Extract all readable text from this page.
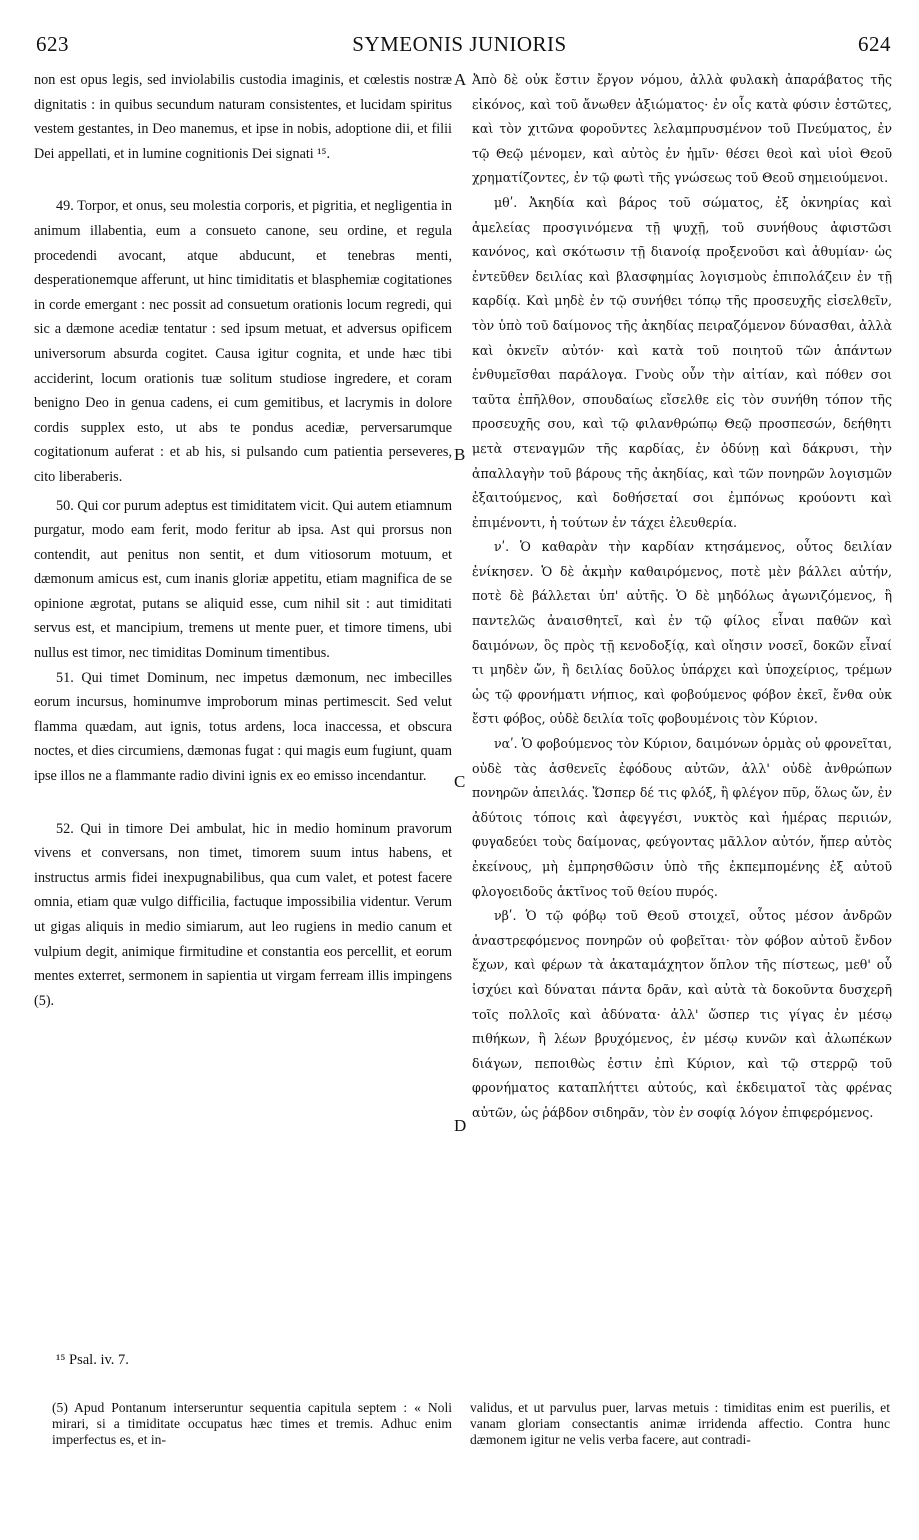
623	SYMEONIS JUNIORIS	624

non est opus legis, sed inviolabilis custodia imaginis, et cœlestis nostræ dignitatis : in quibus secundum naturam consistentes, et lucidam spiritus vestem gestantes, in Deo manemus, et ipse in nobis, adoptione dii, et filii Dei appellati, et in lumine cognitionis Dei signati ¹⁵.

49. Torpor, et onus, seu molestia corporis, et pigritia, et negligentia in animum illabentia, eum a consueto canone, seu ordine, et regula procedendi avocant, atque abducunt, et tenebras menti, desperationemque afferunt, ut hinc timiditatis et blasphemiæ cogitationes in corde emergant : nec possit ad consuetum orationis locum regredi, qui sic a dæmone acediæ tentatur : sed ipsum metuat, et adversus opificem universorum absurda cogitet. Causa igitur cognita, et unde hæc tibi acciderint, locum orationis tuæ solitum studiose ingredere, et coram benigno Deo in genua cadens, ei cum gemitibus, et lacrymis in dolore cordis supplex esto, ut abs te pondus acediæ, perversarumque cogitationum auferat : et ab his, si pulsando cum patientia perseveres, cito liberaberis.

50. Qui cor purum adeptus est timiditatem vicit. Qui autem etiamnum purgatur, modo eam ferit, modo feritur ab ipsa. Ast qui prorsus non contendit, aut penitus non sentit, et dum vitiosorum motuum, et dæmonum amicus est, cum inanis gloriæ appetitu, etiam magnifica de se opinione ægrotat, putans se aliquid esse, cum nihil sit : aut timiditati servus est, et mancipium, tremens ut mente puer, et timore timens, ubi nullus est timor, nec timiditas Dominum timentibus.

51. Qui timet Dominum, nec impetus dæmonum, nec imbecilles eorum incursus, hominumve improborum minas pertimescit. Sed velut flamma quædam, aut ignis, totus ardens, loca inaccessa, et obscura noctes, et dies circumiens, dæmonas fugat : qui magis eum fugiunt, quam ipse illos ne a flammante radio divini ignis ex eo emisso incendantur.

52. Qui in timore Dei ambulat, hic in medio hominum pravorum vivens et conversans, non timet, timorem suum intus habens, et instructus armis fidei inexpugnabilibus, qua cum valet, et potest facere omnia, etiam quæ vulgo difficilia, factuque impossibilia videntur. Verum ut gigas aliquis in medio simiarum, aut leo rugiens in medio canum et vulpium degit, animique firmitudine et constantia eos percellit, et eorum mentes exterret, sermonem in sapientia ut virgam ferream illis impingens (5).

A
B
C
D

Ἀπὸ δὲ οὐκ ἔστιν ἔργον νόμου, ἀλλὰ φυλακὴ ἀπαράβατος τῆς εἰκόνος, καὶ τοῦ ἄνωθεν ἀξιώματος· ἐν οἷς κατὰ φύσιν ἑστῶτες, καὶ τὸν χιτῶνα φοροῦντες λελαμπρυσμένον τοῦ Πνεύματος, ἐν τῷ Θεῷ μένομεν, καὶ αὐτὸς ἐν ἡμῖν· θέσει θεοὶ καὶ υἱοὶ Θεοῦ χρηματίζοντες, ἐν τῷ φωτὶ τῆς γνώσεως τοῦ Θεοῦ σημειούμενοι.

μθʹ. Ἀκηδία καὶ βάρος τοῦ σώματος, ἐξ ὀκνηρίας καὶ ἀμελείας προσγινόμενα τῇ ψυχῇ, τοῦ συνήθους ἀφιστῶσι κανόνος, καὶ σκότωσιν τῇ διανοίᾳ προξενοῦσι καὶ ἀθυμίαν· ὡς ἐντεῦθεν δειλίας καὶ βλασφημίας λογισμοὺς ἐπιπολάζειν ἐν τῇ καρδίᾳ. Καὶ μηδὲ ἐν τῷ συνήθει τόπῳ τῆς προσευχῆς εἰσελθεῖν, τὸν ὑπὸ τοῦ δαίμονος τῆς ἀκηδίας πειραζόμενον δύνασθαι, ἀλλὰ καὶ ὀκνεῖν αὐτόν· καὶ κατὰ τοῦ ποιητοῦ τῶν ἁπάντων ἐνθυμεῖσθαι παράλογα. Γνοὺς οὖν τὴν αἰτίαν, καὶ πόθεν σοι ταῦτα ἐπῆλθον, σπουδαίως εἴσελθε εἰς τὸν συνήθη τόπον τῆς προσευχῆς σου, καὶ τῷ φιλανθρώπῳ Θεῷ προσπεσών, δεήθητι μετὰ στεναγμῶν τῆς καρδίας, ἐν ὀδύνῃ καὶ δάκρυσι, τὴν ἀπαλλαγὴν τοῦ βάρους τῆς ἀκηδίας, καὶ τῶν πονηρῶν λογισμῶν ἐξαιτούμενος, καὶ δοθήσεταί σοι ἐμπόνως κρούοντι καὶ ἐπιμένοντι, ἡ τούτων ἐν τάχει ἐλευθερία.

νʹ. Ὁ καθαρὰν τὴν καρδίαν κτησάμενος, οὗτος δειλίαν ἐνίκησεν. Ὁ δὲ ἀκμὴν καθαιρόμενος, ποτὲ μὲν βάλλει αὐτήν, ποτὲ δὲ βάλλεται ὑπ' αὐτῆς. Ὁ δὲ μηδόλως ἀγωνιζόμενος, ἢ παντελῶς ἀναισθητεῖ, καὶ ἐν τῷ φίλος εἶναι παθῶν καὶ δαιμόνων, ὃς πρὸς τῇ κενοδοξίᾳ, καὶ οἴησιν νοσεῖ, δοκῶν εἶναί τι μηδὲν ὤν, ἢ δειλίας δοῦλος ὑπάρχει καὶ ὑποχείριος, τρέμων ὡς τῷ φρονήματι νήπιος, καὶ φοβούμενος φόβον ἐκεῖ, ἔνθα οὐκ ἔστι φόβος, οὐδὲ δειλία τοῖς φοβουμένοις τὸν Κύριον.

ναʹ. Ὁ φοβούμενος τὸν Κύριον, δαιμόνων ὁρμὰς οὐ φρονεῖται, οὐδὲ τὰς ἀσθενεῖς ἐφόδους αὐτῶν, ἀλλ' οὐδὲ ἀνθρώπων πονηρῶν ἀπειλάς. Ὥσπερ δέ τις φλόξ, ἢ φλέγον πῦρ, ὅλως ὤν, ἐν ἀδύτοις τόποις καὶ ἀφεγγέσι, νυκτὸς καὶ ἡμέρας περιιών, φυγαδεύει τοὺς δαίμονας, φεύγοντας μᾶλλον αὐτόν, ἤπερ αὐτὸς ἐκείνους, μὴ ἐμπρησθῶσιν ὑπὸ τῆς ἐκπεμπομένης ἐξ αὐτοῦ φλογοειδοῦς ἀκτῖνος τοῦ θείου πυρός.

νβʹ. Ὁ τῷ φόβῳ τοῦ Θεοῦ στοιχεῖ, οὗτος μέσον ἀνδρῶν ἀναστρεφόμενος πονηρῶν οὐ φοβεῖται· τὸν φόβον αὐτοῦ ἔνδον ἔχων, καὶ φέρων τὰ ἀκαταμάχητον ὅπλον τῆς πίστεως, μεθ' οὗ ἰσχύει καὶ δύναται πάντα δρᾶν, καὶ αὐτὰ τὰ δοκοῦντα δυσχερῆ τοῖς πολλοῖς καὶ ἀδύνατα· ἀλλ' ὥσπερ τις γίγας ἐν μέσῳ πιθήκων, ἢ λέων βρυχόμενος, ἐν μέσῳ κυνῶν καὶ ἀλωπέκων διάγων, πεποιθὼς ἐστιν ἐπὶ Κύριον, καὶ τῷ στερρῷ τοῦ φρονήματος καταπλήττει αὐτούς, καὶ ἐκδειματοῖ τὰς φρένας αὐτῶν, ὡς ῥάβδον σιδηρᾶν, τὸν ἐν σοφίᾳ λόγον ἐπιφερόμενος.

¹⁵ Psal. iv. 7.

(5) Apud Pontanum interseruntur sequentia capitula septem : « Noli mirari, si a timiditate occupatus hæc times et tremis. Adhuc enim imperfectus es, et in-

validus, et ut parvulus puer, larvas metuis : timiditas enim est puerilis, et vanam gloriam consectantis animæ irridenda affectio. Contra hunc dæmonem igitur ne velis verba facere, aut contradi-
